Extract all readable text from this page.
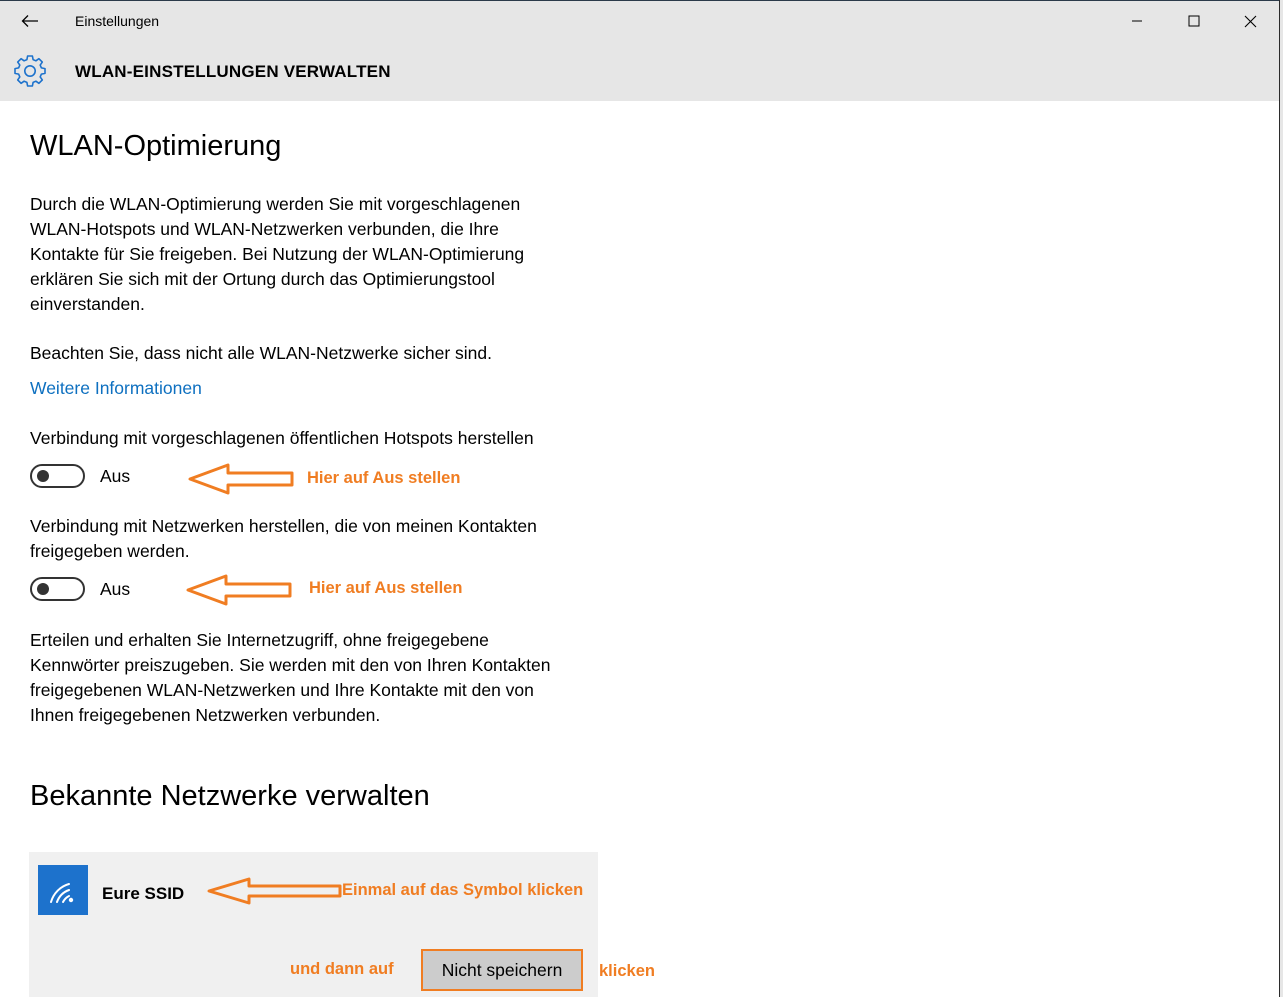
Einstellungen
WLAN-EINSTELLUNGEN VERWALTEN
WLAN-Optimierung
Durch die WLAN-Optimierung werden Sie mit vorgeschlagenen
WLAN-Hotspots und WLAN-Netzwerken verbunden, die Ihre
Kontakte für Sie freigeben. Bei Nutzung der WLAN-Optimierung
erklären Sie sich mit der Ortung durch das Optimierungstool
einverstanden.
Beachten Sie, dass nicht alle WLAN-Netzwerke sicher sind.
Weitere Informationen
Verbindung mit vorgeschlagenen öffentlichen Hotspots herstellen
Aus	Hier auf Aus stellen
Verbindung mit Netzwerken herstellen, die von meinen Kontakten
freigegeben werden.
Aus	Hier auf Aus stellen
Erteilen und erhalten Sie Internetzugriff, ohne freigegebene
Kennwörter preiszugeben. Sie werden mit den von Ihren Kontakten
freigegebenen WLAN-Netzwerken und Ihre Kontakte mit den von
Ihnen freigegebenen Netzwerken verbunden.
Bekannte Netzwerke verwalten
Eure SSID	Einmal auf das Symbol klicken
und dann auf	Nicht speichern	klicken
